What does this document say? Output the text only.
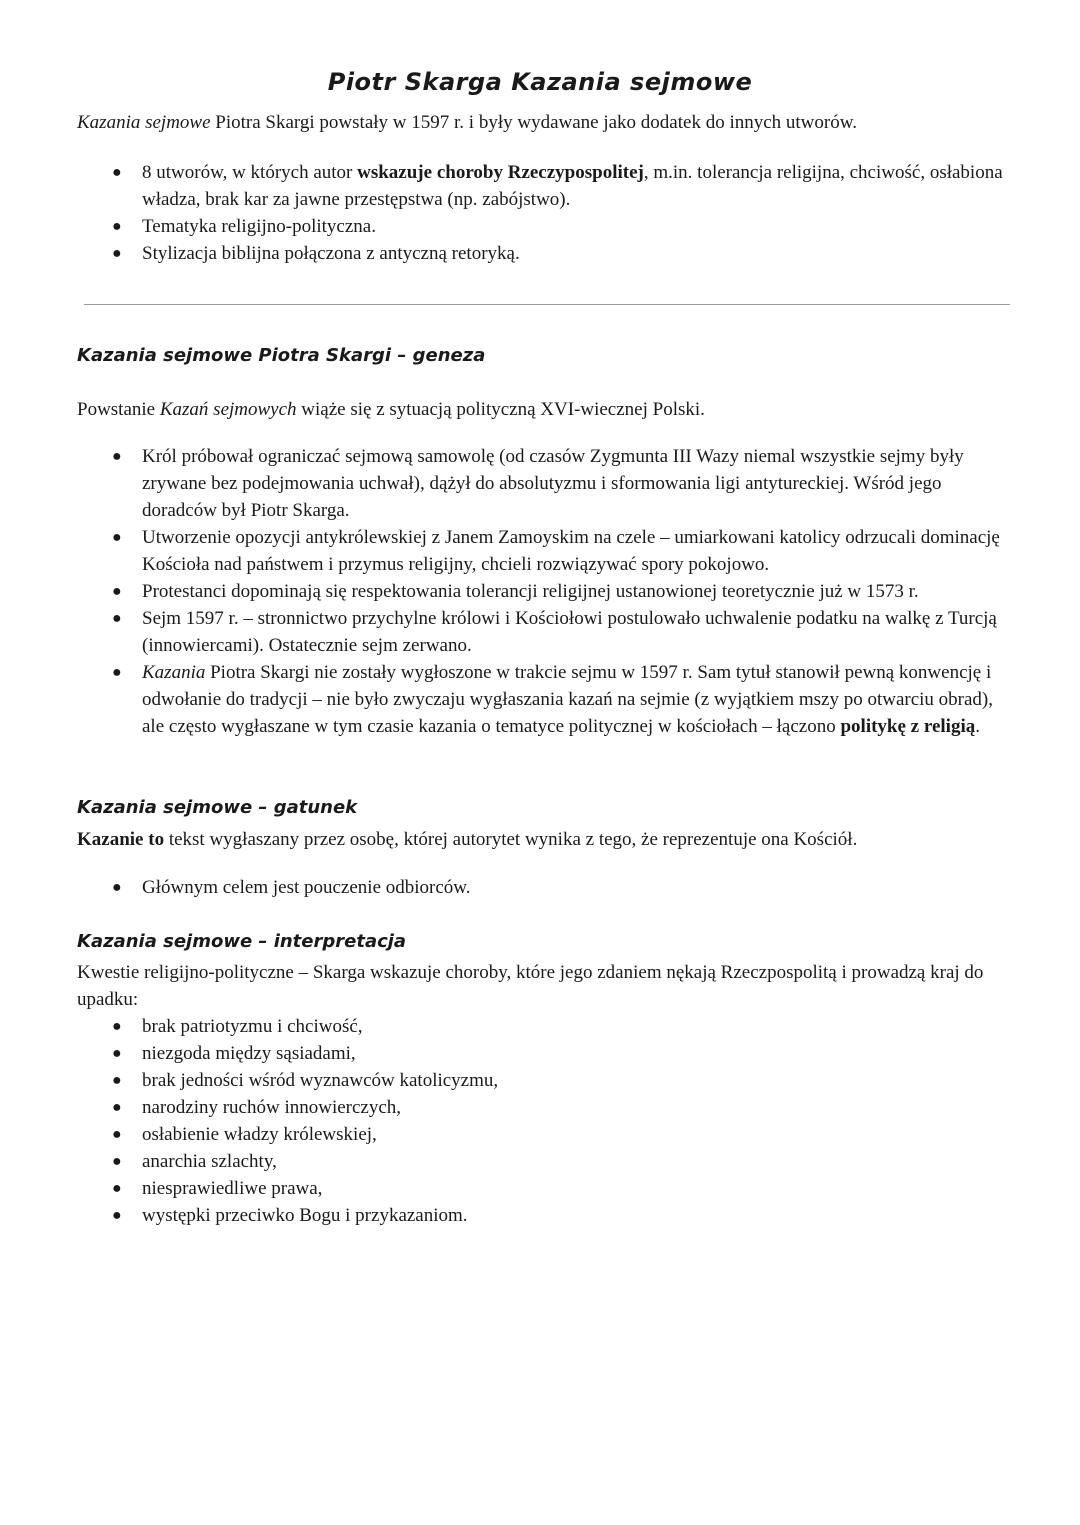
Piotr Skarga Kazania sejmowe

Kazania sejmowe Piotra Skargi powstały w 1597 r. i były wydawane jako dodatek do innych utworów.

● 8 utworów, w których autor wskazuje choroby Rzeczypospolitej, m.in. tolerancja religijna, chciwość, osłabiona władza, brak kar za jawne przestępstwa (np. zabójstwo).
● Tematyka religijno-polityczna.
● Stylizacja biblijna połączona z antyczną retoryką.
Kazania sejmowe Piotra Skargi – geneza

Powstanie Kazań sejmowych wiąże się z sytuacją polityczną XVI-wiecznej Polski.

● Król próbował ograniczać sejmową samowolę (od czasów Zygmunta III Wazy niemal wszystkie sejmy były zrywane bez podejmowania uchwał), dążył do absolutyzmu i sformowania ligi antytureckiej. Wśród jego doradców był Piotr Skarga.
● Utworzenie opozycji antykrólewskiej z Janem Zamoyskim na czele – umiarkowani katolicy odrzucali dominację Kościoła nad państwem i przymus religijny, chcieli rozwiązywać spory pokojowo.
● Protestanci dopominają się respektowania tolerancji religijnej ustanowionej teoretycznie już w 1573 r.
● Sejm 1597 r. – stronnictwo przychylne królowi i Kościołowi postulowało uchwalenie podatku na walkę z Turcją (innowiercami). Ostatecznie sejm zerwano.
● Kazania Piotra Skargi nie zostały wygłoszone w trakcie sejmu w 1597 r. Sam tytuł stanowił pewną konwencję i odwołanie do tradycji – nie było zwyczaju wygłaszania kazań na sejmie (z wyjątkiem mszy po otwarciu obrad), ale często wygłaszane w tym czasie kazania o tematyce politycznej w kościołach – łączono politykę z religią.
Kazania sejmowe – gatunek

Kazanie to tekst wygłaszany przez osobę, której autorytet wynika z tego, że reprezentuje ona Kościół.

● Głównym celem jest pouczenie odbiorców.
Kazania sejmowe – interpretacja

Kwestie religijno-polityczne – Skarga wskazuje choroby, które jego zdaniem nękają Rzeczpospolitą i prowadzą kraj do upadku:

● brak patriotyzmu i chciwość,
● niezgoda między sąsiadami,
● brak jedności wśród wyznawców katolicyzmu,
● narodziny ruchów innowierczych,
● osłabienie władzy królewskiej,
● anarchia szlachty,
● niesprawiedliwe prawa,
● występki przeciwko Bogu i przykazaniom.
